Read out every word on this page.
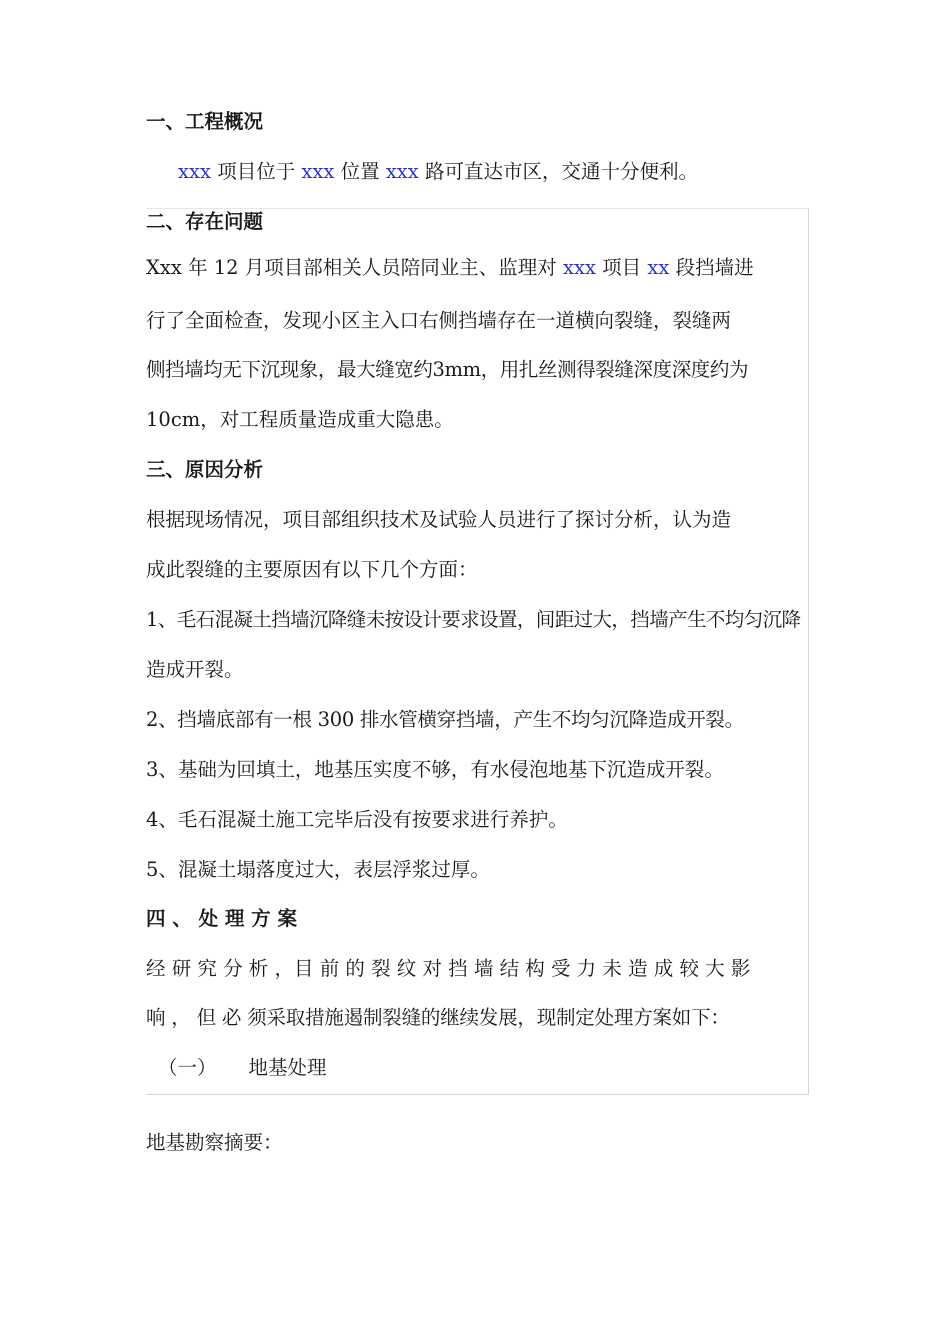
一、工程概况
xxx 项目位于 xxx 位置 xxx 路可直达市区，交通十分便利。
二、存在问题
Xxx 年 12 月项目部相关人员陪同业主、监理对 xxx 项目 xx 段挡墙进
行了全面检查，发现小区主入口右侧挡墙存在一道横向裂缝，裂缝两
侧挡墙均无下沉现象，最大缝宽约3mm，用扎丝测得裂缝深度深度约为
10cm，对工程质量造成重大隐患。
三、原因分析
根据现场情况，项目部组织技术及试验人员进行了探讨分析，认为造
成此裂缝的主要原因有以下几个方面：
1、毛石混凝土挡墙沉降缝未按设计要求设置，间距过大，挡墙产生不均匀沉降
造成开裂。
2、挡墙底部有一根 300 排水管横穿挡墙，产生不均匀沉降造成开裂。
3、基础为回填土，地基压实度不够，有水侵泡地基下沉造成开裂。
4、毛石混凝土施工完毕后没有按要求进行养护。
5、混凝土塌落度过大，表层浮浆过厚。
四 、 处 理 方 案
经 研 究 分 析 ，目 前 的 裂 纹 对 挡 墙 结 构 受 力 未 造 成 较 大 影
响 ， 但 必 须采取措施遏制裂缝的继续发展，现制定处理方案如下：
（一） 地基处理
地基勘察摘要：
